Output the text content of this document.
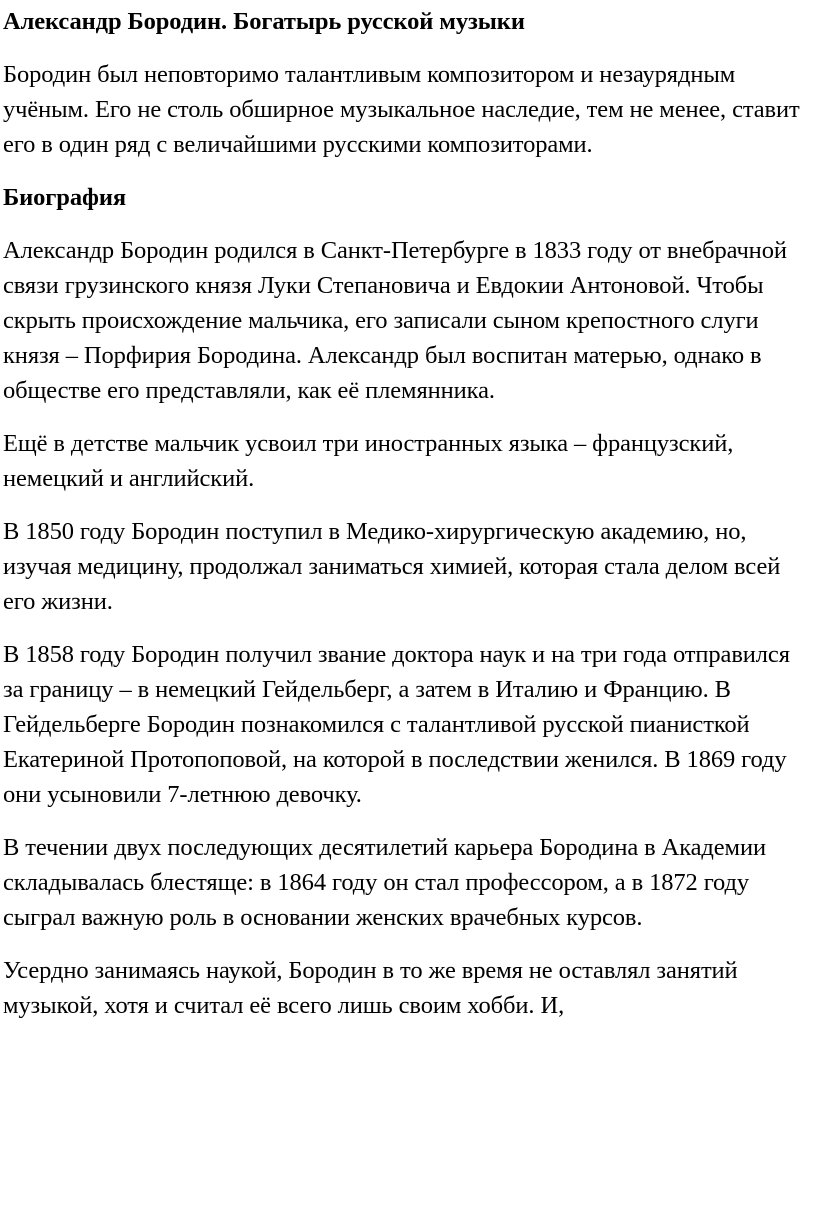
Александр Бородин. Богатырь русской музыки

Бородин был неповторимо талантливым композитором и незаурядным учёным. Его не столь обширное музыкальное наследие, тем не менее, ставит его в один ряд с величайшими русскими композиторами.

Биография

Александр Бородин родился в Санкт-Петербурге в 1833 году от внебрачной связи грузинского князя Луки Степановича и Евдокии Антоновой. Чтобы скрыть происхождение мальчика, его записали сыном крепостного слуги князя – Порфирия Бородина. Александр был воспитан матерью, однако в обществе его представляли, как её племянника.

Ещё в детстве мальчик усвоил три иностранных языка – французский, немецкий и английский.

В 1850 году Бородин поступил в Медико-хирургическую академию, но, изучая медицину, продолжал заниматься химией, которая стала делом всей его жизни.

В 1858 году Бородин получил звание доктора наук и на три года отправился за границу – в немецкий Гейдельберг, а затем в Италию и Францию. В Гейдельберге Бородин познакомился с талантливой русской пианисткой Екатериной Протопоповой, на которой в последствии женился. В 1869 году они усыновили 7-летнюю девочку.

В течении двух последующих десятилетий карьера Бородина в Академии складывалась блестяще: в 1864 году он стал профессором, а в 1872 году сыграл важную роль в основании женских врачебных курсов.

Усердно занимаясь наукой, Бородин в то же время не оставлял занятий музыкой, хотя и считал её всего лишь своим хобби. И,
